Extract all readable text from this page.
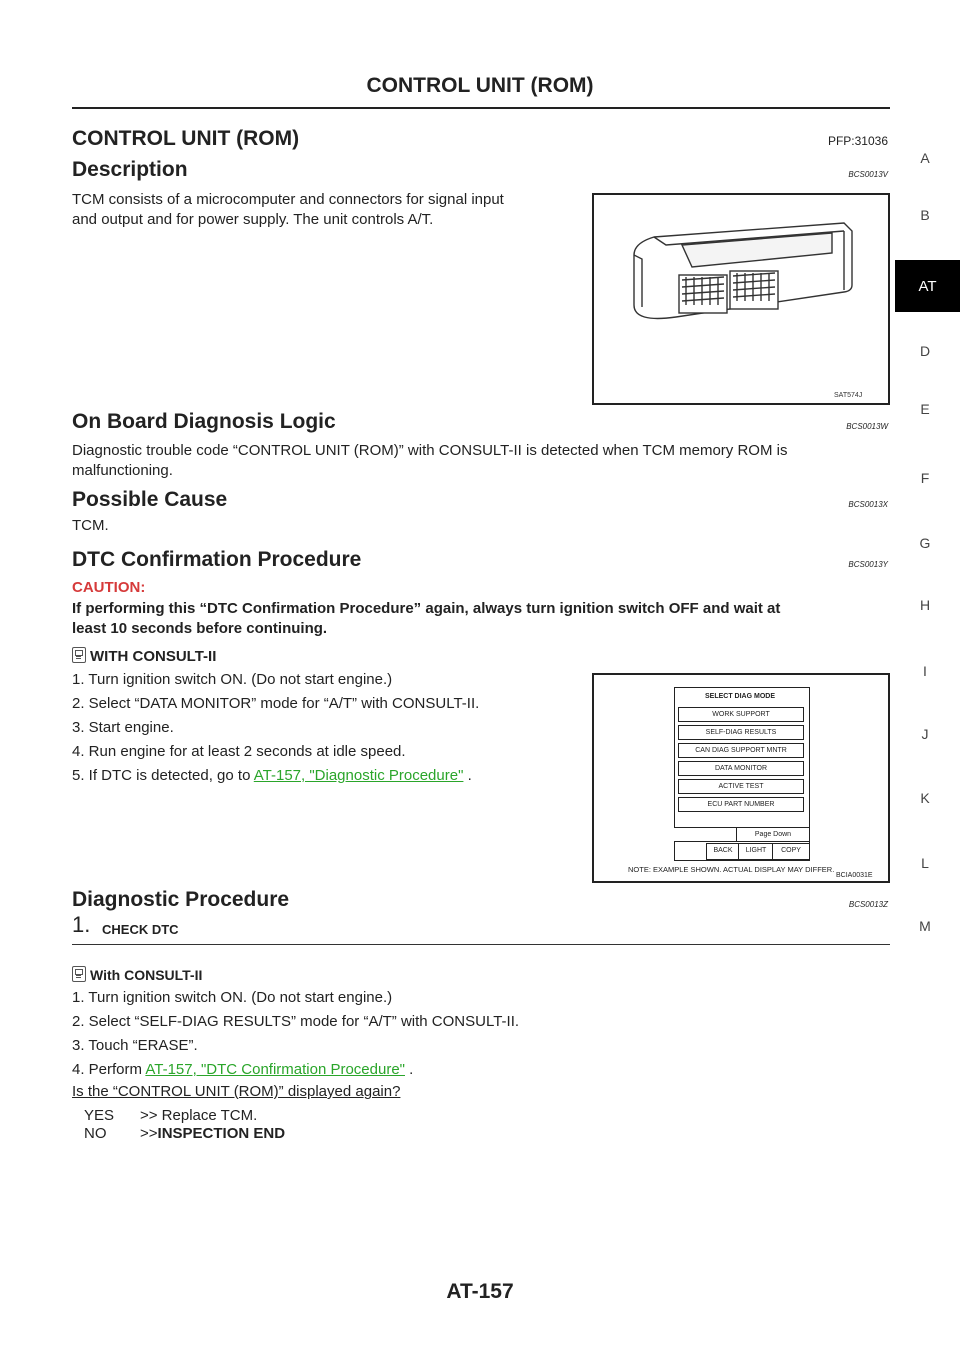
CONTROL UNIT (ROM)
CONTROL UNIT (ROM)	PFP:31036
A
B
AT
D
E
F
G
H
I
J
K
L
M
Description	BCS0013V
TCM consists of a microcomputer and connectors for signal input
and output and for power supply. The unit controls A/T.
SAT574J
On Board Diagnosis Logic	BCS0013W
Diagnostic trouble code “CONTROL UNIT (ROM)” with CONSULT-II is detected when TCM memory ROM is
malfunctioning.
Possible Cause	BCS0013X
TCM.
DTC Confirmation Procedure	BCS0013Y
CAUTION:
If performing this “DTC Confirmation Procedure” again, always turn ignition switch OFF and wait at
least 10 seconds before continuing.
WITH CONSULT-II
1. Turn ignition switch ON. (Do not start engine.)
2. Select “DATA MONITOR” mode for “A/T” with CONSULT-II.
3. Start engine.
4. Run engine for at least 2 seconds at idle speed.
5. If DTC is detected, go to AT-157, "Diagnostic Procedure" .
SELECT DIAG MODE
WORK SUPPORT
SELF-DIAG RESULTS
CAN DIAG SUPPORT MNTR
DATA MONITOR
ACTIVE TEST
ECU PART NUMBER
Page Down
BACK	LIGHT	COPY
NOTE: EXAMPLE SHOWN. ACTUAL DISPLAY MAY DIFFER.
BCIA0031E
Diagnostic Procedure	BCS0013Z
1. CHECK DTC
With CONSULT-II
1. Turn ignition switch ON. (Do not start engine.)
2. Select “SELF-DIAG RESULTS” mode for “A/T” with CONSULT-II.
3. Touch “ERASE”.
4. Perform AT-157, "DTC Confirmation Procedure" .
Is the “CONTROL UNIT (ROM)” displayed again?
YES >> Replace TCM.
NO >>INSPECTION END
AT-157
